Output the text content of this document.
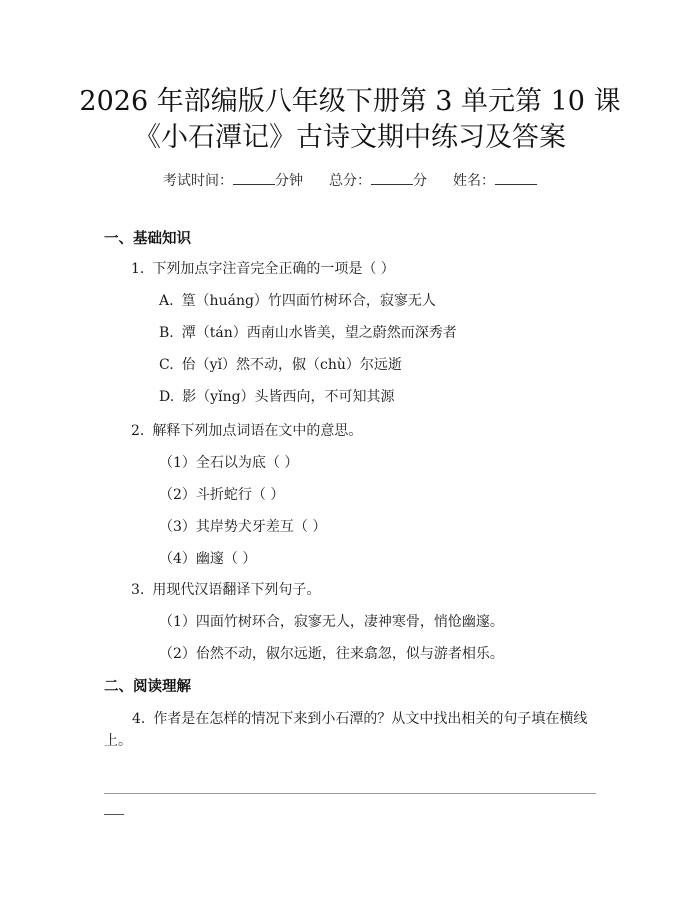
2026 年部编版八年级下册第 3 单元第 10 课
《小石潭记》古诗文期中练习及答案
考试时间：	分钟 总分：	分 姓名：
一、基础知识
1. 下列加点字注音完全正确的一项是（ ）
A. 篁（huáng）竹四面竹树环合，寂寥无人
B. 潭（tán）西南山水皆美，望之蔚然而深秀者
C. 佁（yǐ）然不动，俶（chù）尔远逝
D. 影（yǐng）头皆西向，不可知其源
2. 解释下列加点词语在文中的意思。
（1）全石以为底（ ）
（2）斗折蛇行（ ）
（3）其岸势犬牙差互（ ）
（4）幽邃（ ）
3. 用现代汉语翻译下列句子。
（1）四面竹树环合，寂寥无人，凄神寒骨，悄怆幽邃。
（2）佁然不动，俶尔远逝，往来翕忽，似与游者相乐。
二、阅读理解
4. 作者是在怎样的情况下来到小石潭的？从文中找出相关的句子填在横线上。
